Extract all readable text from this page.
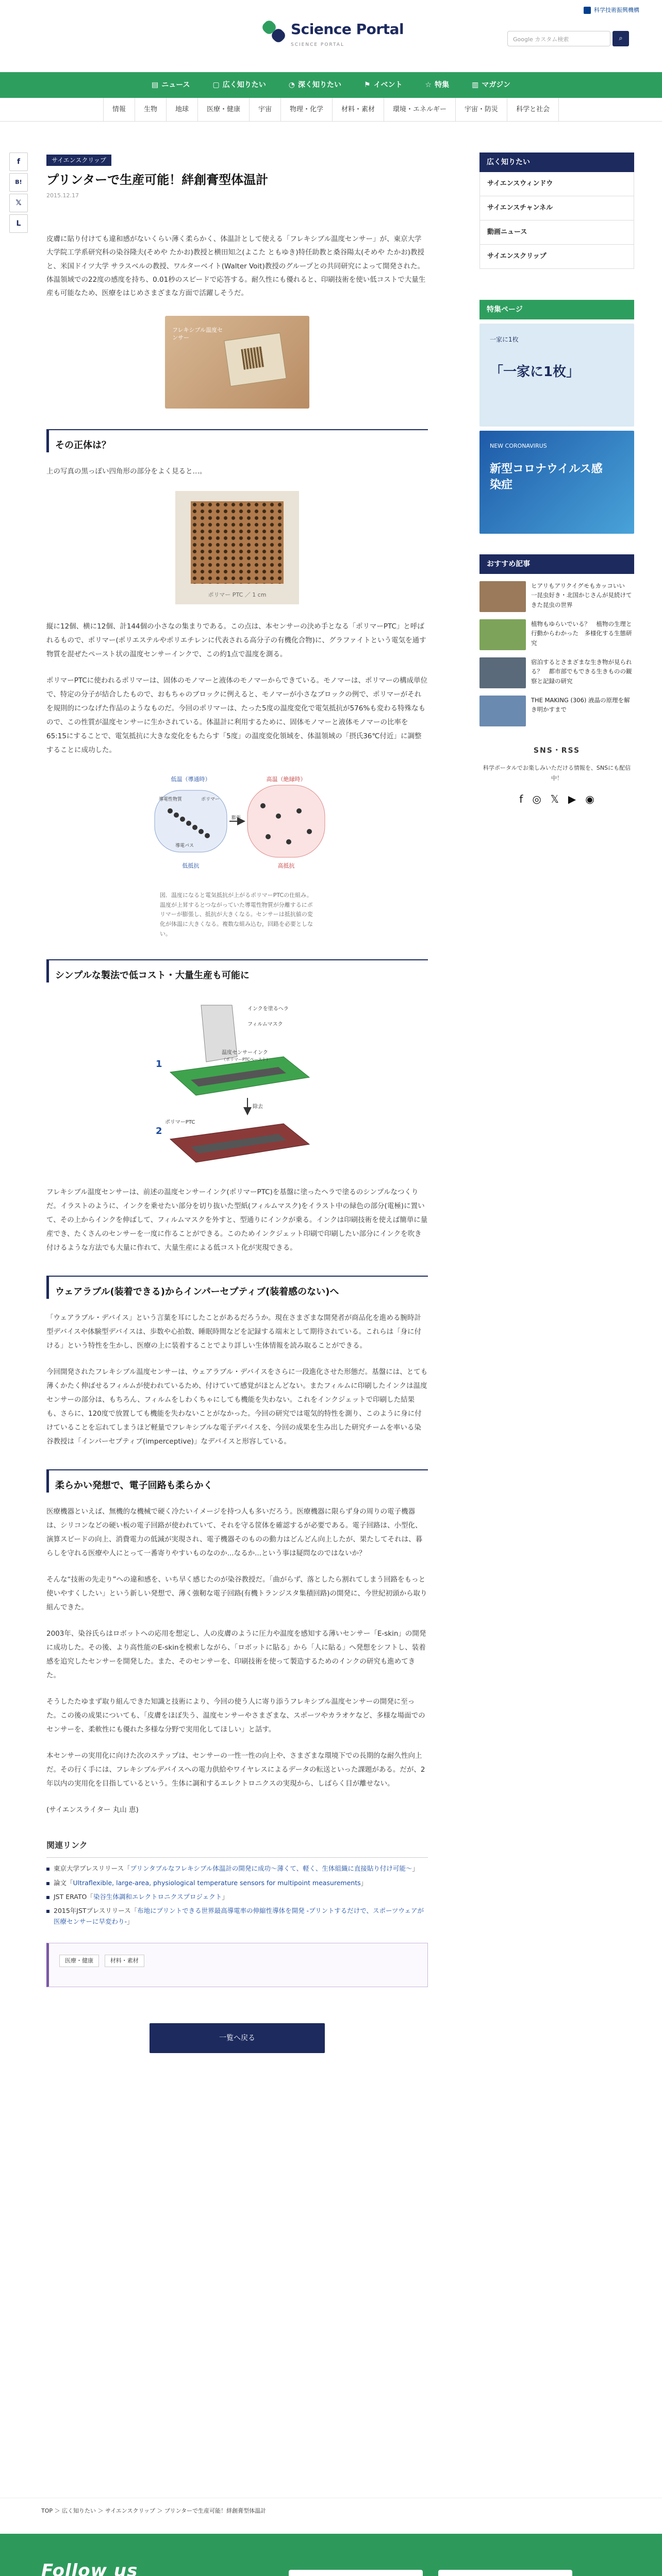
科学技術振興機構
Science Portal
SCIENCE PORTAL
Google カスタム検索	⌕
▤ ニュース	▢ 広く知りたい	◔ 深く知りたい	⚑ イベント	☆ 特集	▥ マガジン
情報	生物	地球	医療・健康	宇宙	物理・化学	材料・素材	環境・エネルギー	宇宙・防災	科学と社会
f
B!
𝕏
L
サイエンスクリップ
プリンターで生産可能！絆創膏型体温計
2015.12.17

皮膚に貼り付けても違和感がないくらい薄く柔らかく、体温計として使える「フレキシブル温度センサー」が、東京大学大学院工学系研究科の染谷隆夫(そめや たかお)教授と横田知之(よこた ともゆき)特任助教と桑谷陽太(そめや たかお)教授と、米国ドイツ大学 サラスベルの教授、ワルターベイト(Walter Voit)教授のグループとの共同研究によって開発された。体温領域での22度の感度を持ち、0.01秒のスピードで応答する。耐久性にも優れると、印刷技術を使い低コストで大量生産も可能なため、医療をはじめさまざまな方面で活躍しそうだ。

フレキシブル温度センサー
その正体は？

上の写真の黒っぽい四角形の部分をよく見ると…。

ポリマー PTC ／ 1 cm

縦に12個、横に12個、計144個の小さなの集まりである。この点は、本センサーの決め手となる「ポリマーPTC」と呼ばれるもので、ポリマー(ポリエステルやポリエチレンに代表される高分子の有機化合物)に、グラファイトという電気を通す物質を混ぜたペースト状の温度センサーインクで、この約1点で温度を測る。

ポリマーPTCに使われるポリマーは、固体のモノマーと液体のモノマーからできている。モノマーは、ポリマーの構成単位で、特定の分子が結合したもので、おもちゃのブロックに例えると、モノマーが小さなブロックの例で、ポリマーがそれを規則的につなげた作品のようなものだ。今回のポリマーは、たった5度の温度変化で電気抵抗が576%も変わる特殊なもので、この性質が温度センサーに生かされている。体温計に利用するために、固体モノマーと液体モノマーの比率を65:15にすることで、電気抵抗に大きな変化をもたらす「5度」の温度変化領域を、体温領域の「摂氏36℃付近」に調整することに成功した。

低温（導通時）	高温（絶縁時）
導電性物質	ポリマー
導電パス
膨張
低抵抗	高抵抗
図．温度になると電気抵抗が上がるポリマーPTCの仕組み。温度が上昇するとつながっていた導電性物質が分離するにポリマーが膨張し、抵抗が大きくなる。センサーは抵抗値の変化が体温に大きくなる。複数な組み込む，回路を必要としない。
シンプルな製法で低コスト・大量生産も可能に
インクを塗るへラ
フィルムマスク
温度センサーインク
（ポリマーPTCペースト）
1
除去
2
ポリマーPTC

フレキシブル温度センサーは、前述の温度センサーインク(ポリマーPTC)を基盤に塗ったヘラで塗るのシンプルなつくりだ。イラストのように、インクを乗せたい部分を切り抜いた型紙(フィルムマスク)をイラスト中の緑色の部分(電極)に置いて、その上からインクを伸ばして、フィルムマスクを外すと、型通りにインクが乗る。インクは印刷技術を使えば簡単に量産でき、たくさんのセンサーを一度に作ることができる。このためインクジェット印刷で印刷したい部分にインクを吹き付けるような方法でも大量に作れて、大量生産による低コスト化が実現できる。

ウェアラブル(装着できる)からインパーセプティブ(装着感のない)へ

「ウェアラブル・デバイス」という言葉を耳にしたことがあるだろうか。現在さまざまな開発者が商品化を進める腕時計型デバイスや体験型デバイスは、歩数や心拍数、睡眠時間などを記録する端末として期待されている。これらは「身に付ける」という特性を生かし、医療の上に装着することでより詳しい生体情報を読み取ることができる。

今回開発されたフレキシブル温度センサーは、ウェアラブル・デバイスをさらに一段進化させた形態だ。基盤には、とても薄くかたく伸ばせるフィルムが使われているため、付けていて感覚がほとんどない。またフィルムに印刷したインクは温度センサーの部分は、もちろん、フィルムをしわくちゃにしても機能を失わない。これをインクジェットで印刷した結果も、さらに、120度で放置しても機能を失わないことがなかった。今回の研究では電気的特性を測り、このように身に付けていることを忘れてしまうほど軽量でフレキシブルな電子デバイスを、今回の成果を生み出した研究チームを率いる染谷教授は「インパーセプティブ(imperceptive)」なデバイスと形容している。

柔らかい発想で、電子回路も柔らかく

医療機器といえば、無機的な機械で硬く冷たいイメージを持つ人も多いだろう。医療機器に限らず身の周りの電子機器は、シリコンなどの硬い板の電子回路が使われていて、それを守る筐体を確認するが必要である。電子回路は、小型化、演算スピードの向上、消費電力の低減が実現され、電子機器そのものの動力はどんどん向上したが、果たしてそれは、暮らしを守れる医療や人にとって一番寄りやすいものなのか...なるか...という事は疑問なのではないか？

そんな“技術の先走り”への違和感を、いち早く感じたのが染谷教授だ。「曲がらず、落としたら割れてしまう回路をもっと使いやすくしたい」という新しい発想で、薄く強靭な電子回路(有機トランジスタ集積回路)の開発に、今世紀初頭から取り組んできた。

2003年、染谷氏らはロボットへの応用を想定し、人の皮膚のように圧力や温度を感知する薄いセンサー「E-skin」の開発に成功した。その後、より高性能のE-skinを模索しながら、「ロボットに貼る」から「人に貼る」へ発想をシフトし、装着感を追究したセンサーを開発した。また、そのセンサーを、印刷技術を使って製造するためのインクの研究も進めてきた。

そうしたたゆまず取り組んできた知識と技術により、今回の使う人に寄り添うフレキシブル温度センサーの開発に至った。この後の成果についても、「皮膚をほぼ失う、温度センサーやさまざまな、スポーツやカラオケなど、多様な場面でのセンサーを、柔軟性にも優れた多様な分野で実用化してほしい」と話す。

本センサーの実用化に向けた次のステップは、センサーの一性一性の向上や、さまざまな環境下での長期的な耐久性向上だ。その行く手には、フレキシブルデバイスへの電力供給やワイヤレスによるデータの転送といった課題がある。だが、2年以内の実用化を目指しているという。生体に調和するエレクトロニクスの実現から、しばらく目が離せない。

(サイエンスライター 丸山 恵)

関連リンク
東京大学プレスリリース「プリンタブルなフレキシブル体温計の開発に成功～薄くて、軽く、生体組織に直接貼り付け可能～」
論文「Ultraflexible, large-area, physiological temperature sensors for multipoint measurements」
JST ERATO「染谷生体調和エレクトロニクスプロジェクト」
2015年JSTプレスリリース「布地にプリントできる世界最高導電率の伸縮性導体を開発 -プリントするだけで、スポーツウェアが医療センサーに早変わり-」
医療・健康	材料・素材
一覧へ戻る
広く知りたい
サイエンスウィンドウ
サイエンスチャンネル
動画ニュース
サイエンスクリップ
特集ページ
一家に1枚
「一家に1枚」
NEW CORONAVIRUS
新型コロナウイルス感染症
おすすめ記事
ヒアリもアリクイグモもカッコいい　一昆虫好き・北国かじさんが見続けてきた昆虫の世界
植物もゆらいでいる？　植物の生理と行動からわかった　多様化する生態研究
宿泊するとさまざまな生き物が見られる？　都市部でもできる生きものの観察と記録の研究
THE MAKING (306) 液晶の原理を解き明かすまで
SNS・RSS
科学ポータルでお楽しみいただける情報を、SNSにも配信中！
f ◎ 𝕏 ▶ ◉
TOP ＞ 広く知りたい ＞ サイエンスクリップ ＞ プリンターで生産可能！絆創膏型体温計
Follow us
